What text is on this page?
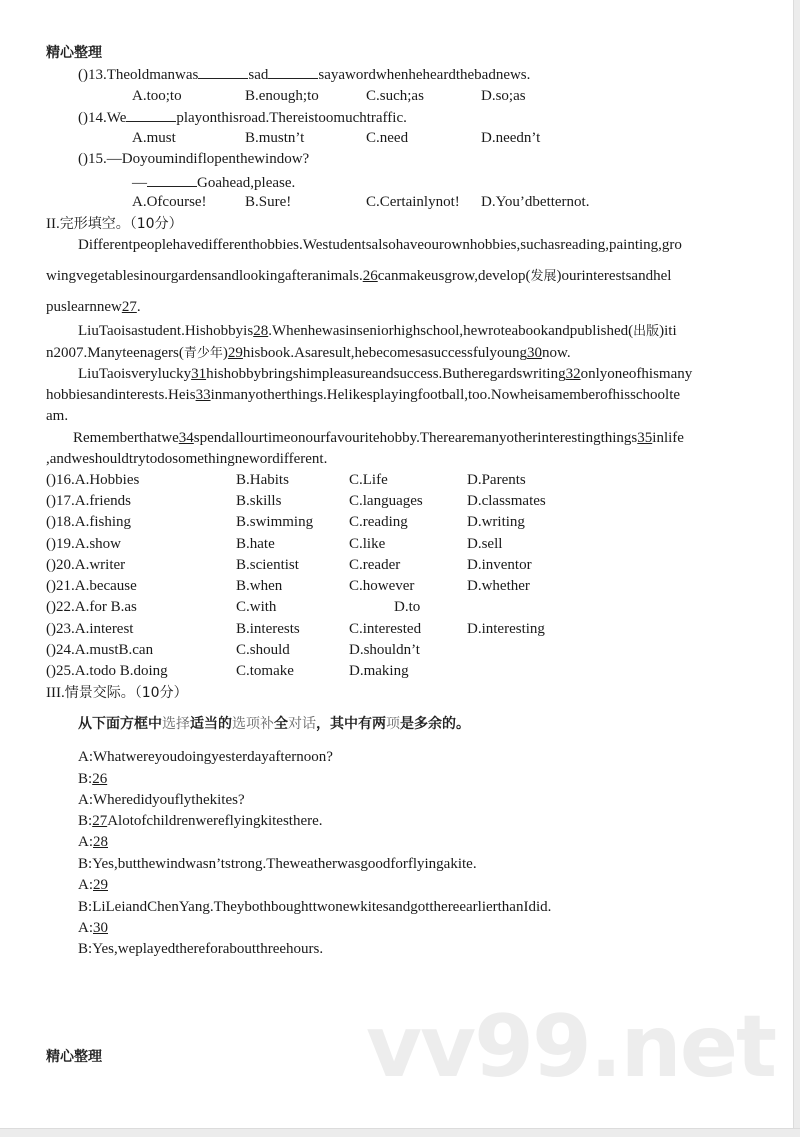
精心整理
()13.Theoldmanwas	sad	sayawordwhenheheardthebadnews.
A.too;to	B.enough;to	C.such;as	D.so;as
()14.We	playonthisroad.Thereistoomuchtraffic.
A.must	B.mustn’t	C.need	D.needn’t
()15.—Doyoumindiflopenthewindow?
—	Goahead,please.
A.Ofcourse!	B.Sure!	C.Certainlynot! D.You’dbetternot.
II.完形填空。（10分）
Differentpeoplehavedifferenthobbies.Westudentsalsohaveourownhobbies,suchasreading,painting,gro
wingvegetablesinourgardensandlookingafteranimals.26canmakeusgrow,develop(发展)ourinterestsandhel
puslearnnew27.
LiuTaoisastudent.Hishobbyis28.Whenhewasinseniorhighschool,hewroteabookandpublished(出版)iti
n2007.Manyteenagers(青少年)29hisbook.Asaresult,hebecomesasuccessfulyoung30now.
LiuTaoisverylucky31hishobbybringshimpleasureandsuccess.Butheregardswriting32onlyoneofhismany
hobbiesandinterests.Heis33inmanyotherthings.Helikesplayingfootball,too.Nowheisamemberofhisschoolte
am.
Rememberthatwe34spendallourtimeonourfavouritehobby.Therearemanyotherinterestingthings35inlife
,andweshouldtrytodosomethingnewordifferent.
()16.A.Hobbies	B.Habits	C.Life	D.Parents
()17.A.friends	B.skills	C.languages	D.classmates
()18.A.fishing	B.swimming C.reading	D.writing
()19.A.show	B.hate	C.like	D.sell
()20.A.writer	B.scientist	C.reader	D.inventor
()21.A.because	B.when	C.however	D.whether
()22.A.for B.as	C.with	D.to
()23.A.interest	B.interests	C.interested	D.interesting
()24.A.mustB.can	C.should	D.shouldn’t
()25.A.todo B.doing	C.tomake	D.making
III.情景交际。（10分）
从下面方框中选择适当的选项补全对话，其中有两项是多余的。
A:Whatwereyoudoingyesterdayafternoon?
B:26
A:Wheredidyouflythekites?
B:27Alotofchildrenwereflyingkitesthere.
A:28
B:Yes,butthewindwasn’tstrong.Theweatherwasgoodforflyingakite.
A:29
B:LiLeiandChenYang.TheybothboughttwonewkitesandgotthereearlierthanIdid.
A:30
B:Yes,weplayedthereforaboutthreehours.
vv99.net
精心整理
